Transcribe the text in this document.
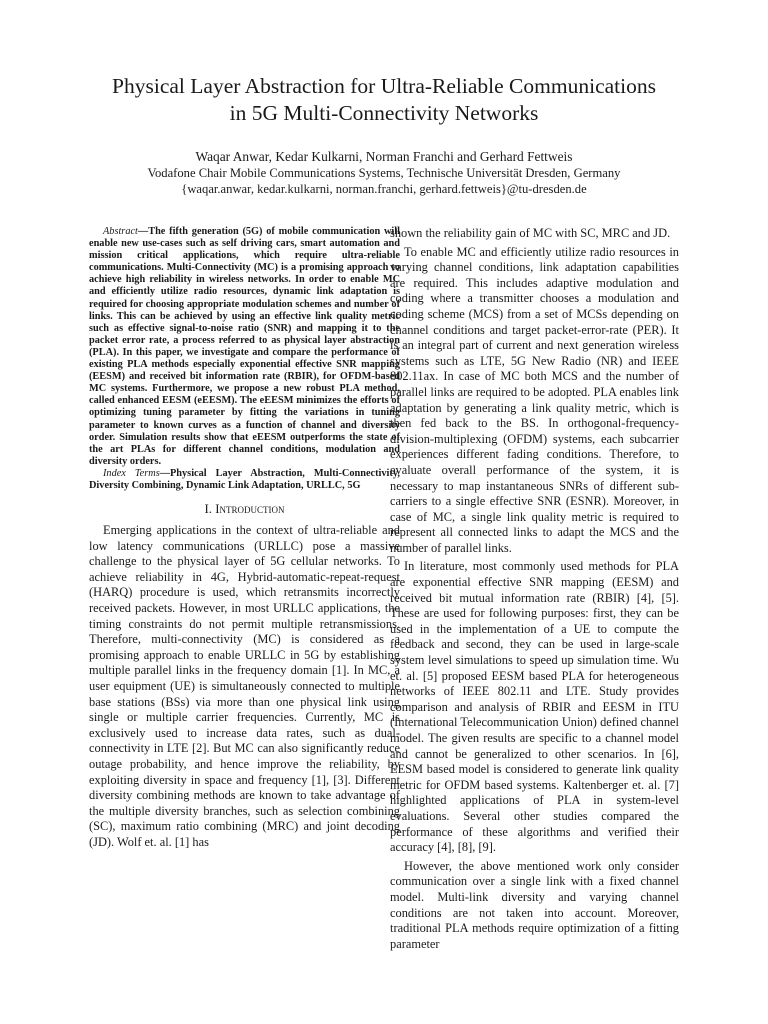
Physical Layer Abstraction for Ultra-Reliable Communications
in 5G Multi-Connectivity Networks

Waqar Anwar, Kedar Kulkarni, Norman Franchi and Gerhard Fettweis

Vodafone Chair Mobile Communications Systems, Technische Universität Dresden, Germany

{waqar.anwar, kedar.kulkarni, norman.franchi, gerhard.fettweis}@tu-dresden.de

Abstract—The fifth generation (5G) of mobile communication will enable new use-cases such as self driving cars, smart automation and mission critical applications, which require ultra-reliable communications. Multi-Connectivity (MC) is a promising approach to achieve high reliability in wireless networks. In order to enable MC and efficiently utilize radio resources, dynamic link adaptation is required for choosing appropriate modulation schemes and number of links. This can be achieved by using an effective link quality metric such as effective signal-to-noise ratio (SNR) and mapping it to the packet error rate, a process referred to as physical layer abstraction (PLA). In this paper, we investigate and compare the performance of existing PLA methods especially exponential effective SNR mapping (EESM) and received bit information rate (RBIR), for OFDM-based MC systems. Furthermore, we propose a new robust PLA method, called enhanced EESM (eEESM). The eEESM minimizes the efforts of optimizing tuning parameter by fitting the variations in tuning parameter to known curves as a function of channel and diversity order. Simulation results show that eEESM outperforms the state of the art PLAs for different channel conditions, modulation and diversity orders.

Index Terms—Physical Layer Abstraction, Multi-Connectivity, Diversity Combining, Dynamic Link Adaptation, URLLC, 5G

I. Introduction

Emerging applications in the context of ultra-reliable and low latency communications (URLLC) pose a massive challenge to the physical layer of 5G cellular networks. To achieve reliability in 4G, Hybrid-automatic-repeat-request (HARQ) procedure is used, which retransmits incorrectly received packets. However, in most URLLC applications, the timing constraints do not permit multiple retransmissions. Therefore, multi-connectivity (MC) is considered as a promising approach to enable URLLC in 5G by establishing multiple parallel links in the frequency domain [1]. In MC, a user equipment (UE) is simultaneously connected to multiple base stations (BSs) via more than one physical link using single or multiple carrier frequencies. Currently, MC is exclusively used to increase data rates, such as dual-connectivity in LTE [2]. But MC can also significantly reduce outage probability, and hence improve the reliability, by exploiting diversity in space and frequency [1], [3]. Different diversity combining methods are known to take advantage of the multiple diversity branches, such as selection combining (SC), maximum ratio combining (MRC) and joint decoding (JD). Wolf et. al. [1] has

shown the reliability gain of MC with SC, MRC and JD.

To enable MC and efficiently utilize radio resources in varying channel conditions, link adaptation capabilities are required. This includes adaptive modulation and coding where a transmitter chooses a modulation and coding scheme (MCS) from a set of MCSs depending on channel conditions and target packet-error-rate (PER). It is an integral part of current and next generation wireless systems such as LTE, 5G New Radio (NR) and IEEE 802.11ax. In case of MC both MCS and the number of parallel links are required to be adopted. PLA enables link adaptation by generating a link quality metric, which is then fed back to the BS. In orthogonal-frequency-division-multiplexing (OFDM) systems, each subcarrier experiences different fading conditions. Therefore, to evaluate overall performance of the system, it is necessary to map instantaneous SNRs of different sub-carriers to a single effective SNR (ESNR). Moreover, in case of MC, a single link quality metric is required to represent all connected links to adapt the MCS and the number of parallel links.

In literature, most commonly used methods for PLA are exponential effective SNR mapping (EESM) and received bit mutual information rate (RBIR) [4], [5]. These are used for following purposes: first, they can be used in the implementation of a UE to compute the feedback and second, they can be used in large-scale system level simulations to speed up simulation time. Wu et. al. [5] proposed EESM based PLA for heterogeneous networks of IEEE 802.11 and LTE. Study provides comparison and analysis of RBIR and EESM in ITU (International Telecommunication Union) defined channel model. The given results are specific to a channel model and cannot be generalized to other scenarios. In [6], EESM based model is considered to generate link quality metric for OFDM based systems. Kaltenberger et. al. [7] highlighted applications of PLA in system-level evaluations. Several other studies compared the performance of these algorithms and verified their accuracy [4], [8], [9].

However, the above mentioned work only consider communication over a single link with a fixed channel model. Multi-link diversity and varying channel conditions are not taken into account. Moreover, traditional PLA methods require optimization of a fitting parameter
